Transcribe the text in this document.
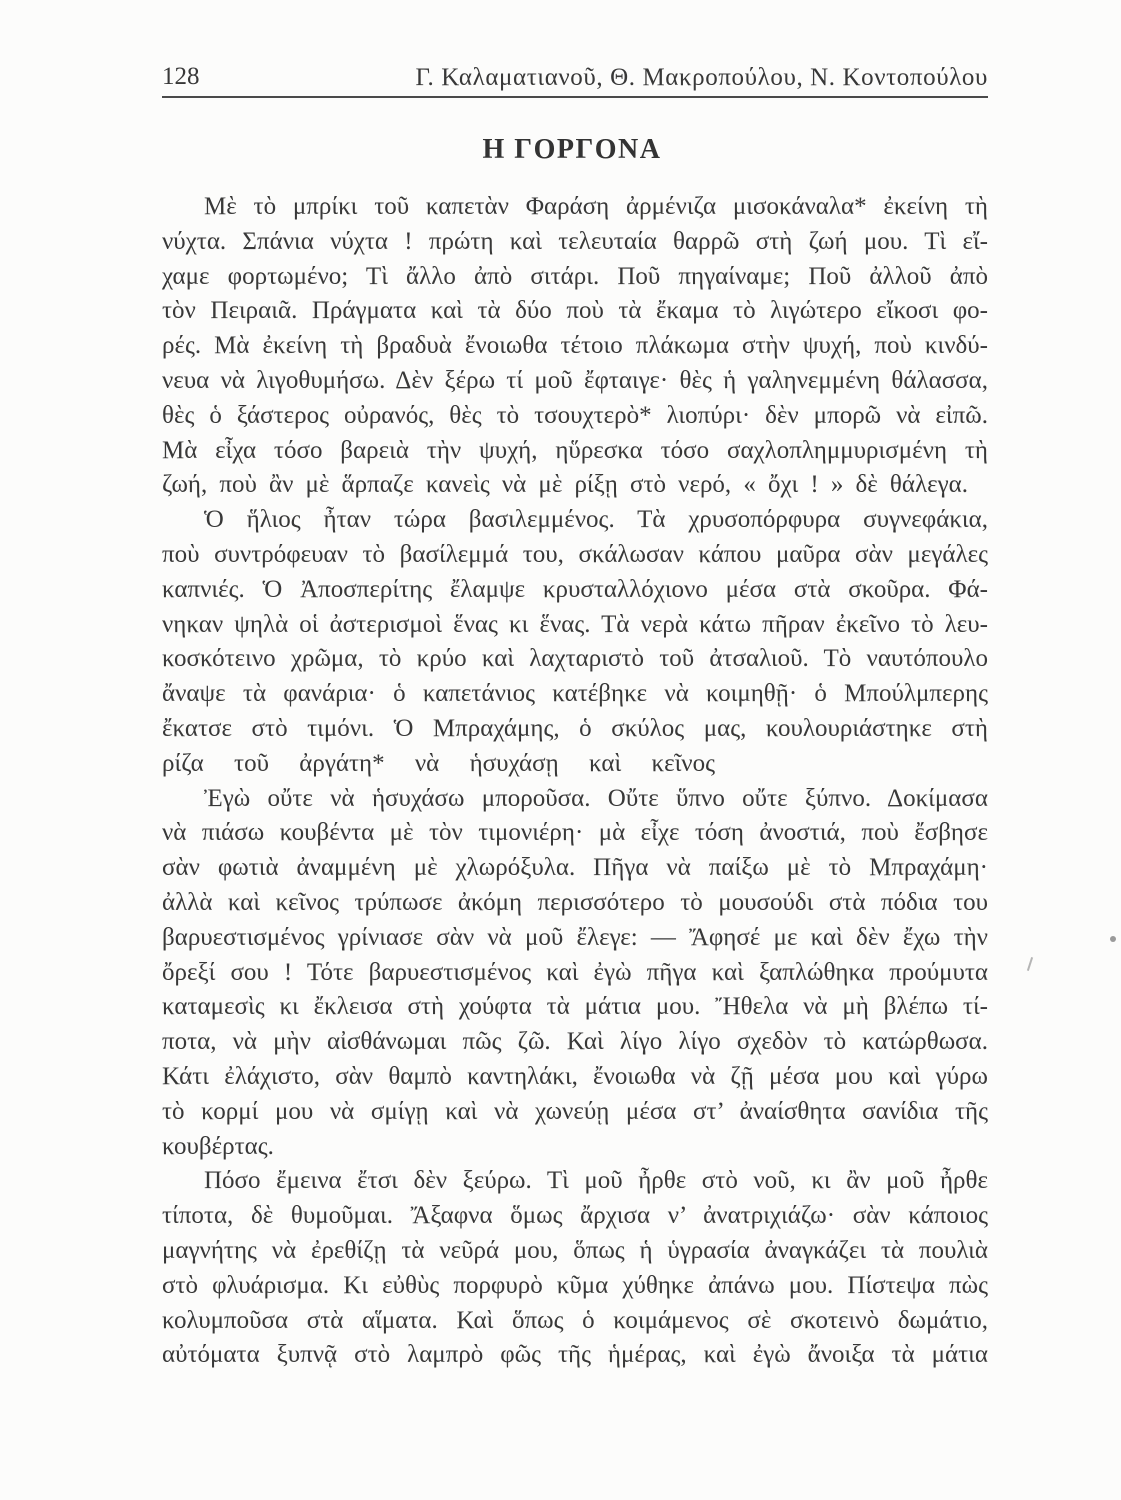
128	Γ. Καλαματιανοῦ, Θ. Μακροπούλου, Ν. Κοντοπούλου
Η ΓΟΡΓΟΝΑ
Μὲ τὸ μπρίκι τοῦ καπετὰν Φαράση ἀρμένιζα μισοκάναλα* ἐκείνη τὴ
νύχτα. Σπάνια νύχτα ! πρώτη καὶ τελευταία θαρρῶ στὴ ζωή μου. Τὶ εἴ-
χαμε φορτωμένο; Τὶ ἄλλο ἀπὸ σιτάρι. Ποῦ πηγαίναμε; Ποῦ ἀλλοῦ ἀπὸ
τὸν Πειραιᾶ. Πράγματα καὶ τὰ δύο ποὺ τὰ ἔκαμα τὸ λιγώτερο εἴκοσι φο-
ρές. Μὰ ἐκείνη τὴ βραδυὰ ἔνοιωθα τέτοιο πλάκωμα στὴν ψυχή, ποὺ κινδύ-
νευα νὰ λιγοθυμήσω. Δὲν ξέρω τί μοῦ ἔφταιγε· θὲς ἡ γαληνεμμένη θάλασσα,
θὲς ὁ ξάστερος οὐρανός, θὲς τὸ τσουχτερὸ* λιοπύρι· δὲν μπορῶ νὰ εἰπῶ.
Μὰ εἶχα τόσο βαρειὰ τὴν ψυχή, ηὕρεσκα τόσο σαχλοπλημμυρισμένη τὴ
ζωή, ποὺ ἂν μὲ ἅρπαζε κανεὶς νὰ μὲ ρίξῃ στὸ νερό, « ὄχι ! » δὲ θάλεγα.
Ὁ ἥλιος ἦταν τώρα βασιλεμμένος. Τὰ χρυσοπόρφυρα συγνεφάκια,
ποὺ συντρόφευαν τὸ βασίλεμμά του, σκάλωσαν κάπου μαῦρα σὰν μεγάλες
καπνιές. Ὁ Ἀποσπερίτης ἔλαμψε κρυσταλλόχιονο μέσα στὰ σκοῦρα. Φά-
νηκαν ψηλὰ οἱ ἀστερισμοὶ ἕνας κι ἕνας. Τὰ νερὰ κάτω πῆραν ἐκεῖνο τὸ λευ-
κοσκότεινο χρῶμα, τὸ κρύο καὶ λαχταριστὸ τοῦ ἀτσαλιοῦ. Τὸ ναυτόπουλο
ἄναψε τὰ φανάρια· ὁ καπετάνιος κατέβηκε νὰ κοιμηθῇ· ὁ Μπούλμπερης
ἔκατσε στὸ τιμόνι. Ὁ Μπραχάμης, ὁ σκύλος μας, κουλουριάστηκε στὴ
ρίζα τοῦ ἀργάτη* νὰ ἡσυχάσῃ καὶ κεῖνος
Ἐγὼ οὔτε νὰ ἡσυχάσω μποροῦσα. Οὔτε ὕπνο οὔτε ξύπνο. Δοκίμασα
νὰ πιάσω κουβέντα μὲ τὸν τιμονιέρη· μὰ εἶχε τόση ἀνοστιά, ποὺ ἔσβησε
σὰν φωτιὰ ἀναμμένη μὲ χλωρόξυλα. Πῆγα νὰ παίξω μὲ τὸ Μπραχάμη·
ἀλλὰ καὶ κεῖνος τρύπωσε ἀκόμη περισσότερο τὸ μουσούδι στὰ πόδια του
βαρυεστισμένος γρίνιασε σὰν νὰ μοῦ ἔλεγε: — Ἄφησέ με καὶ δὲν ἔχω τὴν
ὄρεξί σου ! Τότε βαρυεστισμένος καὶ ἐγὼ πῆγα καὶ ξαπλώθηκα προύμυτα
καταμεσὶς κι ἔκλεισα στὴ χούφτα τὰ μάτια μου. Ἤθελα νὰ μὴ βλέπω τί-
ποτα, νὰ μὴν αἰσθάνωμαι πῶς ζῶ. Καὶ λίγο λίγο σχεδὸν τὸ κατώρθωσα.
Κάτι ἐλάχιστο, σὰν θαμπὸ καντηλάκι, ἔνοιωθα νὰ ζῇ μέσα μου καὶ γύρω
τὸ κορμί μου νὰ σμίγῃ καὶ νὰ χωνεύῃ μέσα στ’ ἀναίσθητα σανίδια τῆς
κουβέρτας.
Πόσο ἔμεινα ἔτσι δὲν ξεύρω. Τὶ μοῦ ἦρθε στὸ νοῦ, κι ἂν μοῦ ἦρθε
τίποτα, δὲ θυμοῦμαι. Ἄξαφνα ὅμως ἄρχισα ν’ ἀνατριχιάζω· σὰν κάποιος
μαγνήτης νὰ ἐρεθίζῃ τὰ νεῦρά μου, ὅπως ἡ ὑγρασία ἀναγκάζει τὰ πουλιὰ
στὸ φλυάρισμα. Κι εὐθὺς πορφυρὸ κῦμα χύθηκε ἀπάνω μου. Πίστεψα πὼς
κολυμποῦσα στὰ αἵματα. Καὶ ὅπως ὁ κοιμάμενος σὲ σκοτεινὸ δωμάτιο,
αὐτόματα ξυπνᾷ στὸ λαμπρὸ φῶς τῆς ἡμέρας, καὶ ἐγὼ ἄνοιξα τὰ μάτια
